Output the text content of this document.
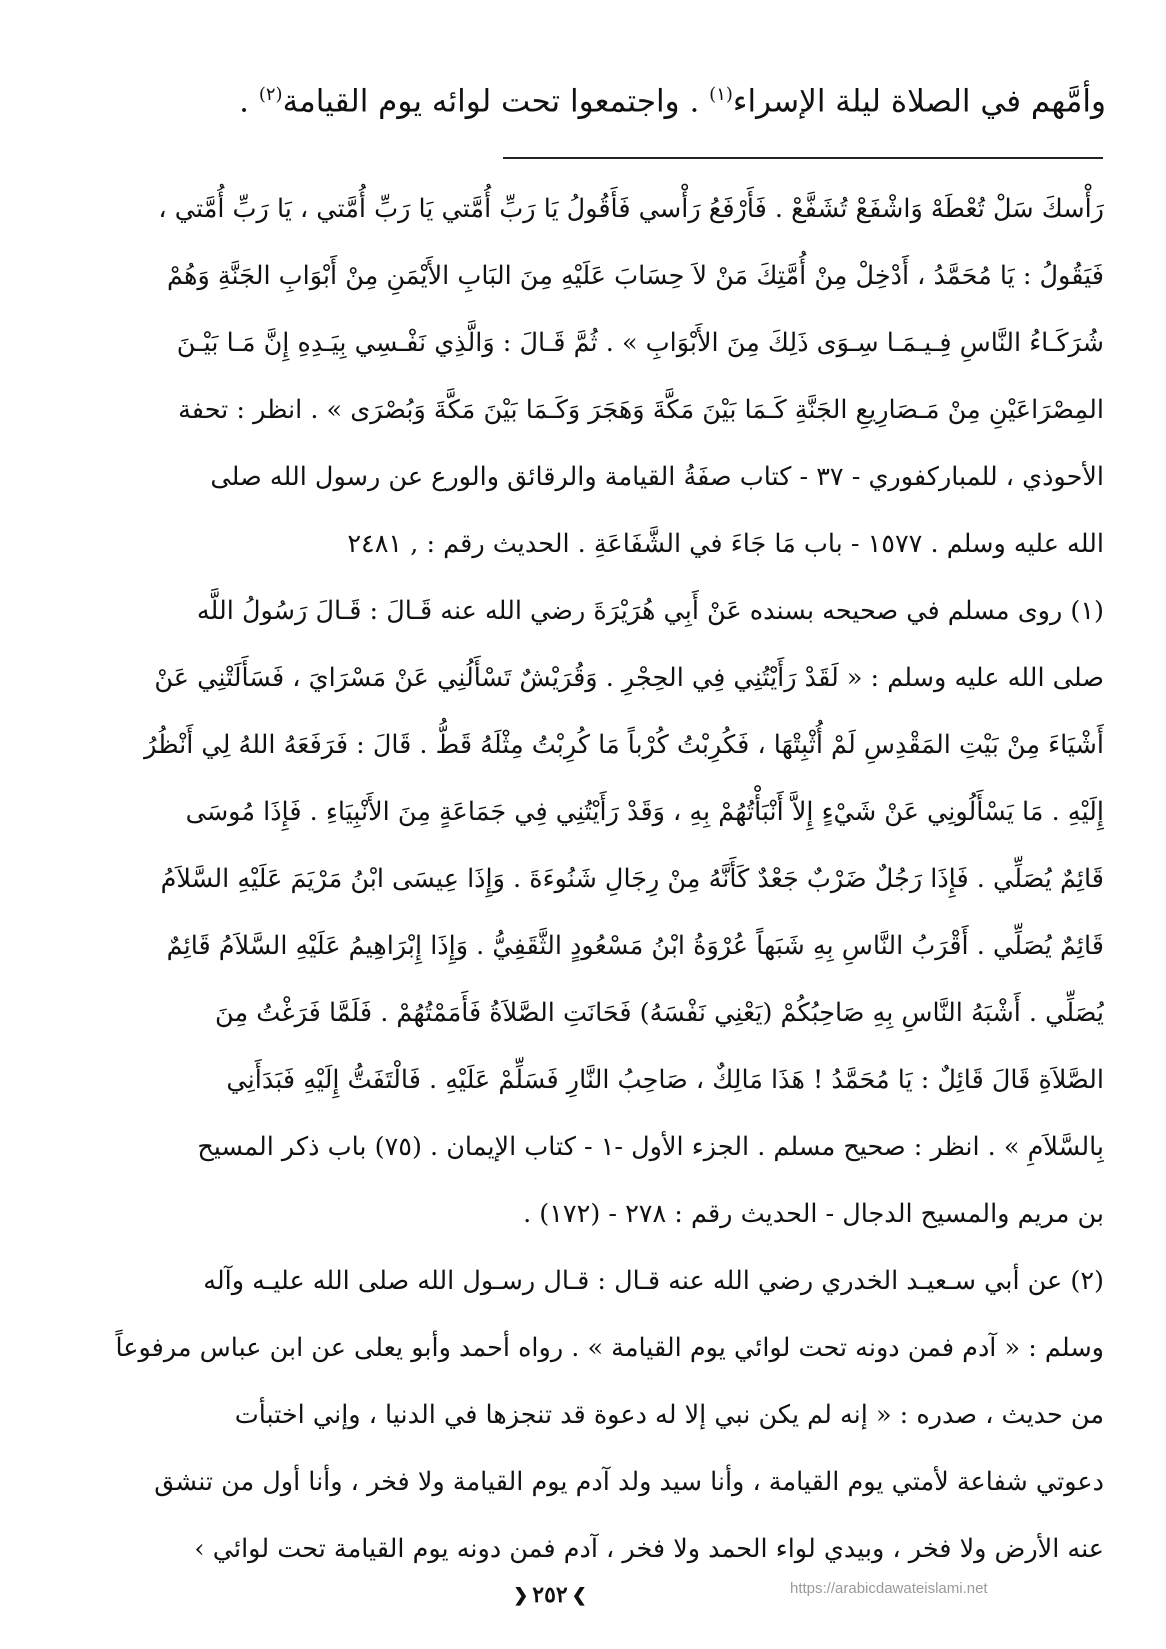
وأمَّهم في الصلاة ليلة الإسراء$^{(١)}$ . واجتمعوا تحت لوائه يوم القيامة$^{(٢)}$ .
رَأْسكَ سَلْ تُعْطَهْ وَاشْفَعْ تُشَفَّعْ . فَأَرْفَعُ رَأْسي فَأَقُولُ يَا رَبِّ أُمَّتي يَا رَبِّ أُمَّتي ، يَا رَبِّ أُمَّتي ،
فَيَقُولُ : يَا مُحَمَّدُ ، أَدْخِلْ مِنْ أُمَّتِكَ مَنْ لاَ حِسَابَ عَلَيْهِ مِنَ البَابِ الأَيْمَنِ مِنْ أَبْوَابِ الجَنَّةِ وَهُمْ
شُرَكَـاءُ النَّاسِ فِـيـمَـا سِـوَى ذَلِكَ مِنَ الأَبْوَابِ » . ثُمَّ قَـالَ : وَالَّذِي نَفْـسِي بِيَـدِهِ إِنَّ مَـا بَيْـنَ
المِصْرَاعَيْنِ مِنْ مَـصَارِيعِ الجَنَّةِ كَـمَا بَيْنَ مَكَّةَ وَهَجَرَ وَكَـمَا بَيْنَ مَكَّةَ وَبُصْرَى » . انظر : تحفة
الأحوذي ، للمباركفوري - ٣٧ - كتاب صفَةُ القيامة والرقائق والورع عن رسول الله صلى
الله عليه وسلم . ١٥٧٧ - باب مَا جَاءَ في الشَّفَاعَةِ . الحديث رقم : , ٢٤٨١
(١) روى مسلم في صحيحه بسنده عَنْ أَبِي هُرَيْرَةَ رضي الله عنه قَـالَ : قَـالَ رَسُولُ اللَّه
صلى الله عليه وسلم : « لَقَدْ رَأَيْتُنِي فِي الحِجْرِ . وَقُرَيْشٌ تَسْأَلُنِي عَنْ مَسْرَايَ ، فَسَأَلَتْنِي عَنْ
أَشْيَاءَ مِنْ بَيْتِ المَقْدِسِ لَمْ أُثْبِتْهَا ، فَكُرِبْتُ كُرْباً مَا كُرِبْتُ مِثْلَهُ قَطُّ . قَالَ : فَرَفَعَهُ اللهُ لِي أَنْظُرُ
إِلَيْهِ . مَا يَسْأَلُونِي عَنْ شَيْءٍ إِلاَّ أَنْبَأْتُهُمْ بِهِ ، وَقَدْ رَأَيْتُنِي فِي جَمَاعَةٍ مِنَ الأَنْبِيَاءِ . فَإِذَا مُوسَى
قَائِمٌ يُصَلِّي . فَإِذَا رَجُلٌ ضَرْبٌ جَعْدٌ كَأَنَّهُ مِنْ رِجَالِ شَنُوءَةَ . وَإِذَا عِيسَى ابْنُ مَرْيَمَ عَلَيْهِ السَّلاَمُ
قَائِمٌ يُصَلِّي . أَقْرَبُ النَّاسِ بِهِ شَبَهاً عُرْوَةُ ابْنُ مَسْعُودٍ الثَّقَفِيُّ . وَإِذَا إِبْرَاهِيمُ عَلَيْهِ السَّلاَمُ قَائِمٌ
يُصَلِّي . أَشْبَهُ النَّاسِ بِهِ صَاحِبُكُمْ (يَعْنِي نَفْسَهُ) فَحَانَتِ الصَّلاَةُ فَأَمَمْتُهُمْ . فَلَمَّا فَرَغْتُ مِنَ
الصَّلاَةِ قَالَ قَائِلٌ : يَا مُحَمَّدُ ! هَذَا مَالِكٌ ، صَاحِبُ النَّارِ فَسَلِّمْ عَلَيْهِ . فَالْتَفَتُّ إِلَيْهِ فَبَدَأَنِي
بِالسَّلاَمِ » . انظر : صحيح مسلم . الجزء الأول -١ - كتاب الإيمان . (٧٥) باب ذكر المسيح
بن مريم والمسيح الدجال - الحديث رقم : ٢٧٨ - (١٧٢) .
(٢) عن أبي سـعيـد الخدري رضي الله عنه قـال : قـال رسـول الله صلى الله عليـه وآله
وسلم : « آدم فمن دونه تحت لوائي يوم القيامة » . رواه أحمد وأبو يعلى عن ابن عباس مرفوعاً
من حديث ، صدره : « إنه لم يكن نبي إلا له دعوة قد تنجزها في الدنيا ، وإني اختبأت
دعوتي شفاعة لأمتي يوم القيامة ، وأنا سيد ولد آدم يوم القيامة ولا فخر ، وأنا أول من تنشق
عنه الأرض ولا فخر ، وبيدي لواء الحمد ولا فخر ، آدم فمن دونه يوم القيامة تحت لوائي ›
❯
٢٥٢
❮	https://arabicdawateislami.net
